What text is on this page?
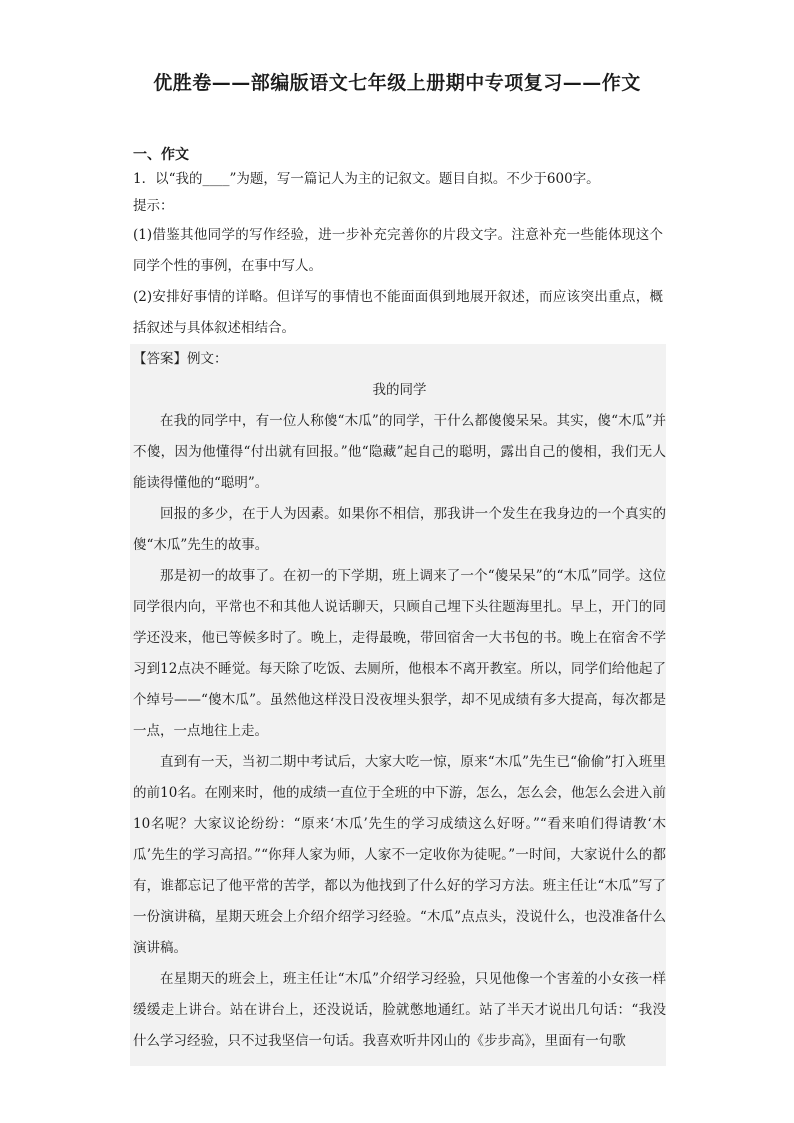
优胜卷——部编版语文七年级上册期中专项复习——作文

一、作文

1．以“我的____”为题，写一篇记人为主的记叙文。题目自拟。不少于600字。

提示：

(1)借鉴其他同学的写作经验，进一步补充完善你的片段文字。注意补充一些能体现这个同学个性的事例，在事中写人。

(2)安排好事情的详略。但详写的事情也不能面面俱到地展开叙述，而应该突出重点，概括叙述与具体叙述相结合。

【答案】例文：

我的同学

在我的同学中，有一位人称傻“木瓜”的同学，干什么都傻傻呆呆。其实，傻“木瓜”并不傻，因为他懂得“付出就有回报。”他“隐藏”起自己的聪明，露出自己的傻相，我们无人能读得懂他的“聪明”。

回报的多少，在于人为因素。如果你不相信，那我讲一个发生在我身边的一个真实的傻“木瓜”先生的故事。

那是初一的故事了。在初一的下学期，班上调来了一个“傻呆呆”的“木瓜”同学。这位同学很内向，平常也不和其他人说话聊天，只顾自己埋下头往题海里扎。早上，开门的同学还没来，他已等候多时了。晚上，走得最晚，带回宿舍一大书包的书。晚上在宿舍不学习到12点决不睡觉。每天除了吃饭、去厕所，他根本不离开教室。所以，同学们给他起了个绰号——“傻木瓜”。虽然他这样没日没夜埋头狠学，却不见成绩有多大提高，每次都是一点，一点地往上走。

直到有一天，当初二期中考试后，大家大吃一惊，原来“木瓜”先生已“偷偷”打入班里的前10名。在刚来时，他的成绩一直位于全班的中下游，怎么，怎么会，他怎么会进入前10名呢？大家议论纷纷：“原来‘木瓜’先生的学习成绩这么好呀。”“看来咱们得请教‘木瓜’先生的学习高招。”“你拜人家为师，人家不一定收你为徒呢。”一时间，大家说什么的都有，谁都忘记了他平常的苦学，都以为他找到了什么好的学习方法。班主任让“木瓜”写了一份演讲稿，星期天班会上介绍介绍学习经验。“木瓜”点点头，没说什么，也没准备什么演讲稿。

在星期天的班会上，班主任让“木瓜”介绍学习经验，只见他像一个害羞的小女孩一样缓缓走上讲台。站在讲台上，还没说话，脸就憋地通红。站了半天才说出几句话：“我没什么学习经验，只不过我坚信一句话。我喜欢听井冈山的《步步高》，里面有一句歌
